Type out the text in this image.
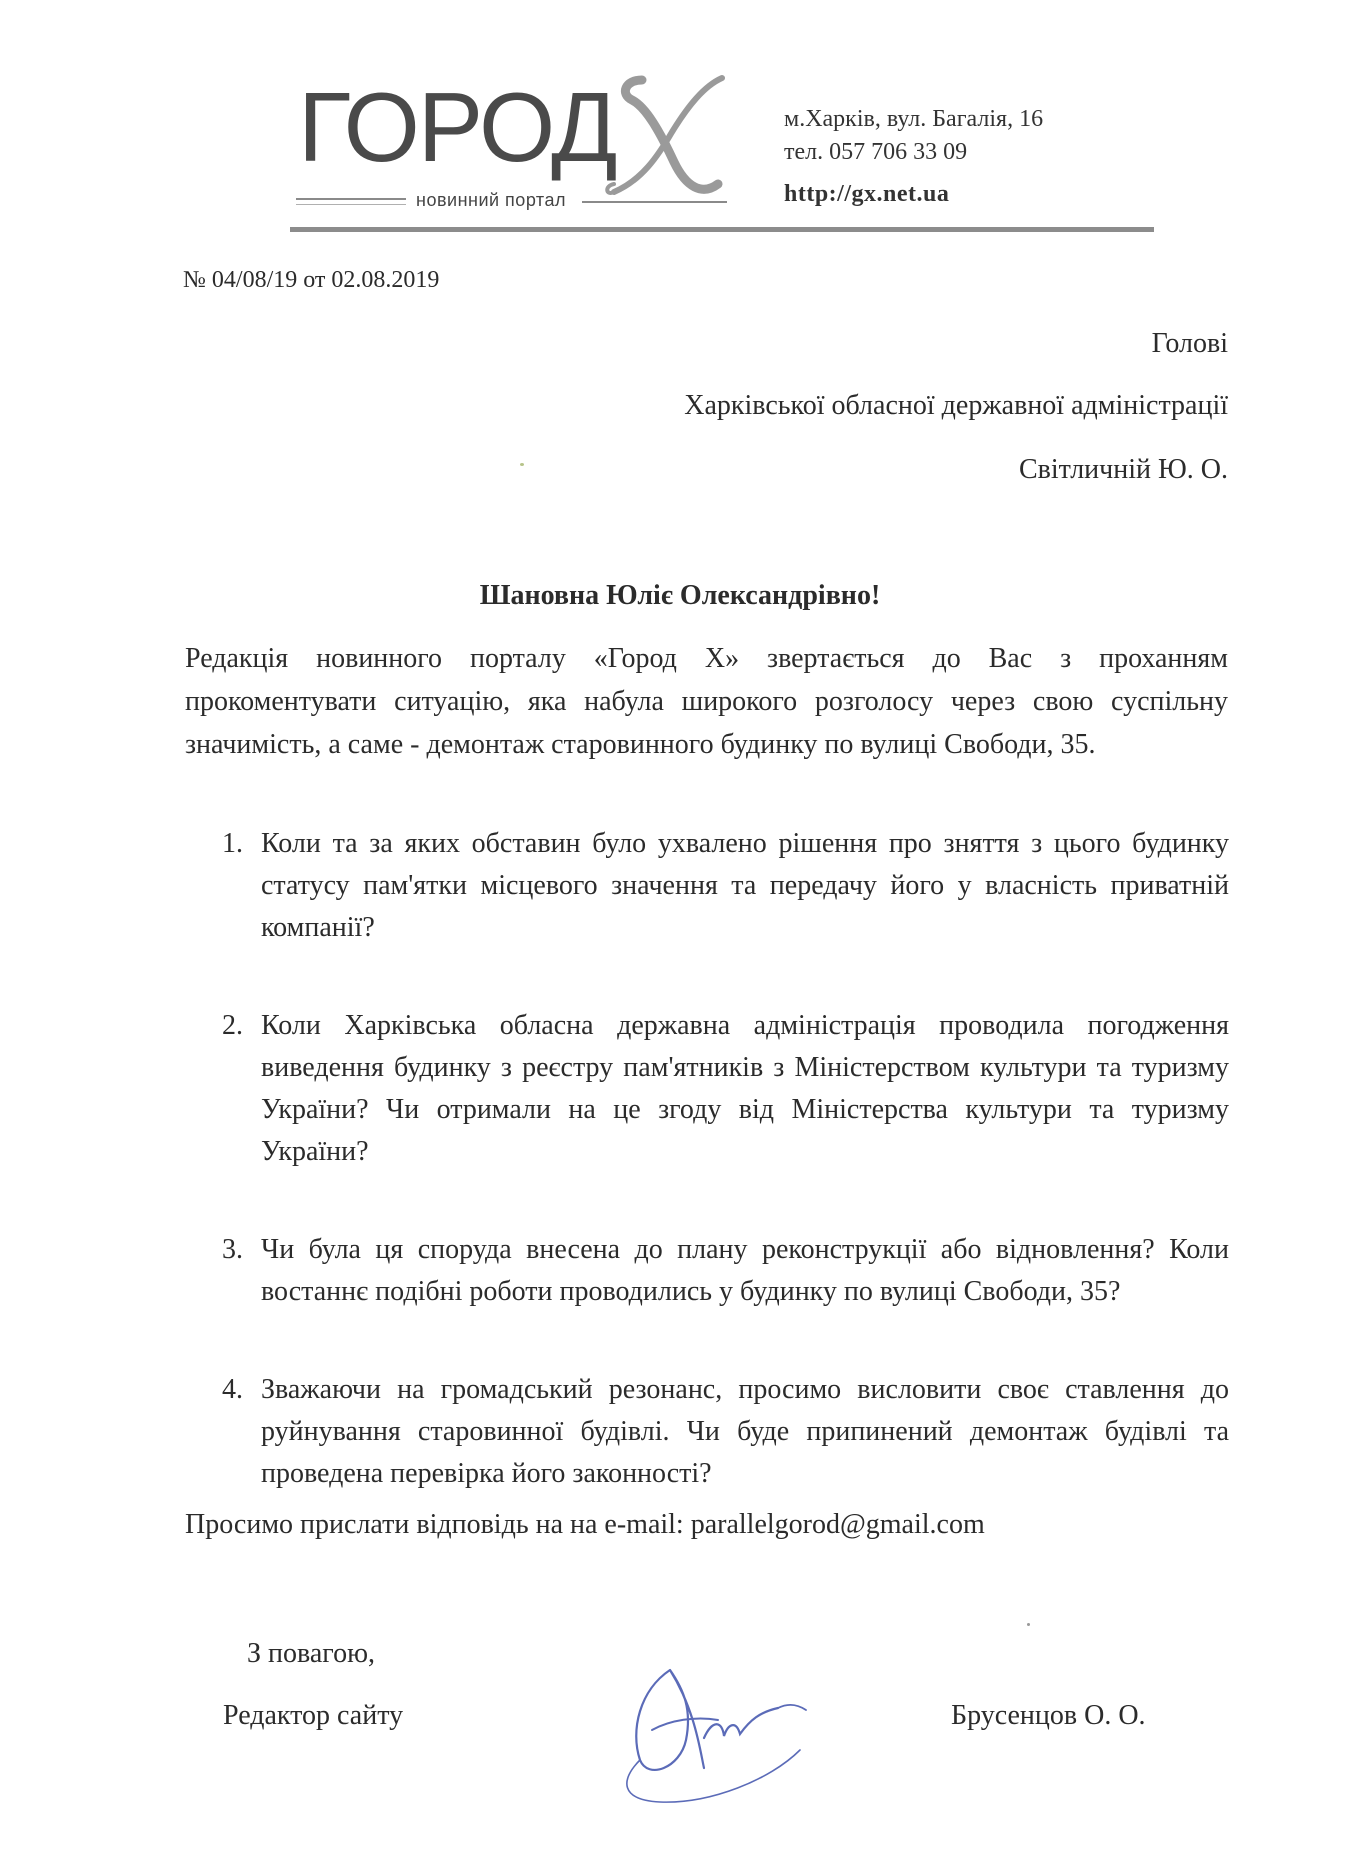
ГОРОД
новинний портал
м.Харків, вул. Багалія, 16
тел. 057 706 33 09
http://gx.net.ua
№ 04/08/19 от 02.08.2019
Голові
Харківської обласної державної адміністрації
Світличній Ю. О.
Шановна Юліє Олександрівно!
Редакція новинного порталу «Город Х» звертається до Вас з проханням прокоментувати ситуацію, яка набула широкого розголосу через свою суспільну значимість, а саме - демонтаж старовинного будинку по вулиці Свободи, 35.
1. Коли та за яких обставин було ухвалено рішення про зняття з цього будинку статусу пам'ятки місцевого значення та передачу його у власність приватній компанії?
2. Коли Харківська обласна державна адміністрація проводила погодження виведення будинку з реєстру пам'ятників з Міністерством культури та туризму України? Чи отримали на це згоду від Міністерства культури та туризму України?
3. Чи була ця споруда внесена до плану реконструкції або відновлення? Коли востаннє подібні роботи проводились у будинку по вулиці Свободи, 35?
4. Зважаючи на громадський резонанс, просимо висловити своє ставлення до руйнування старовинної будівлі. Чи буде припинений демонтаж будівлі та проведена перевірка його законності?
Просимо прислати відповідь на на e-mail: parallelgorod@gmail.com
З повагою,
Редактор сайту	Брусенцов О. О.
